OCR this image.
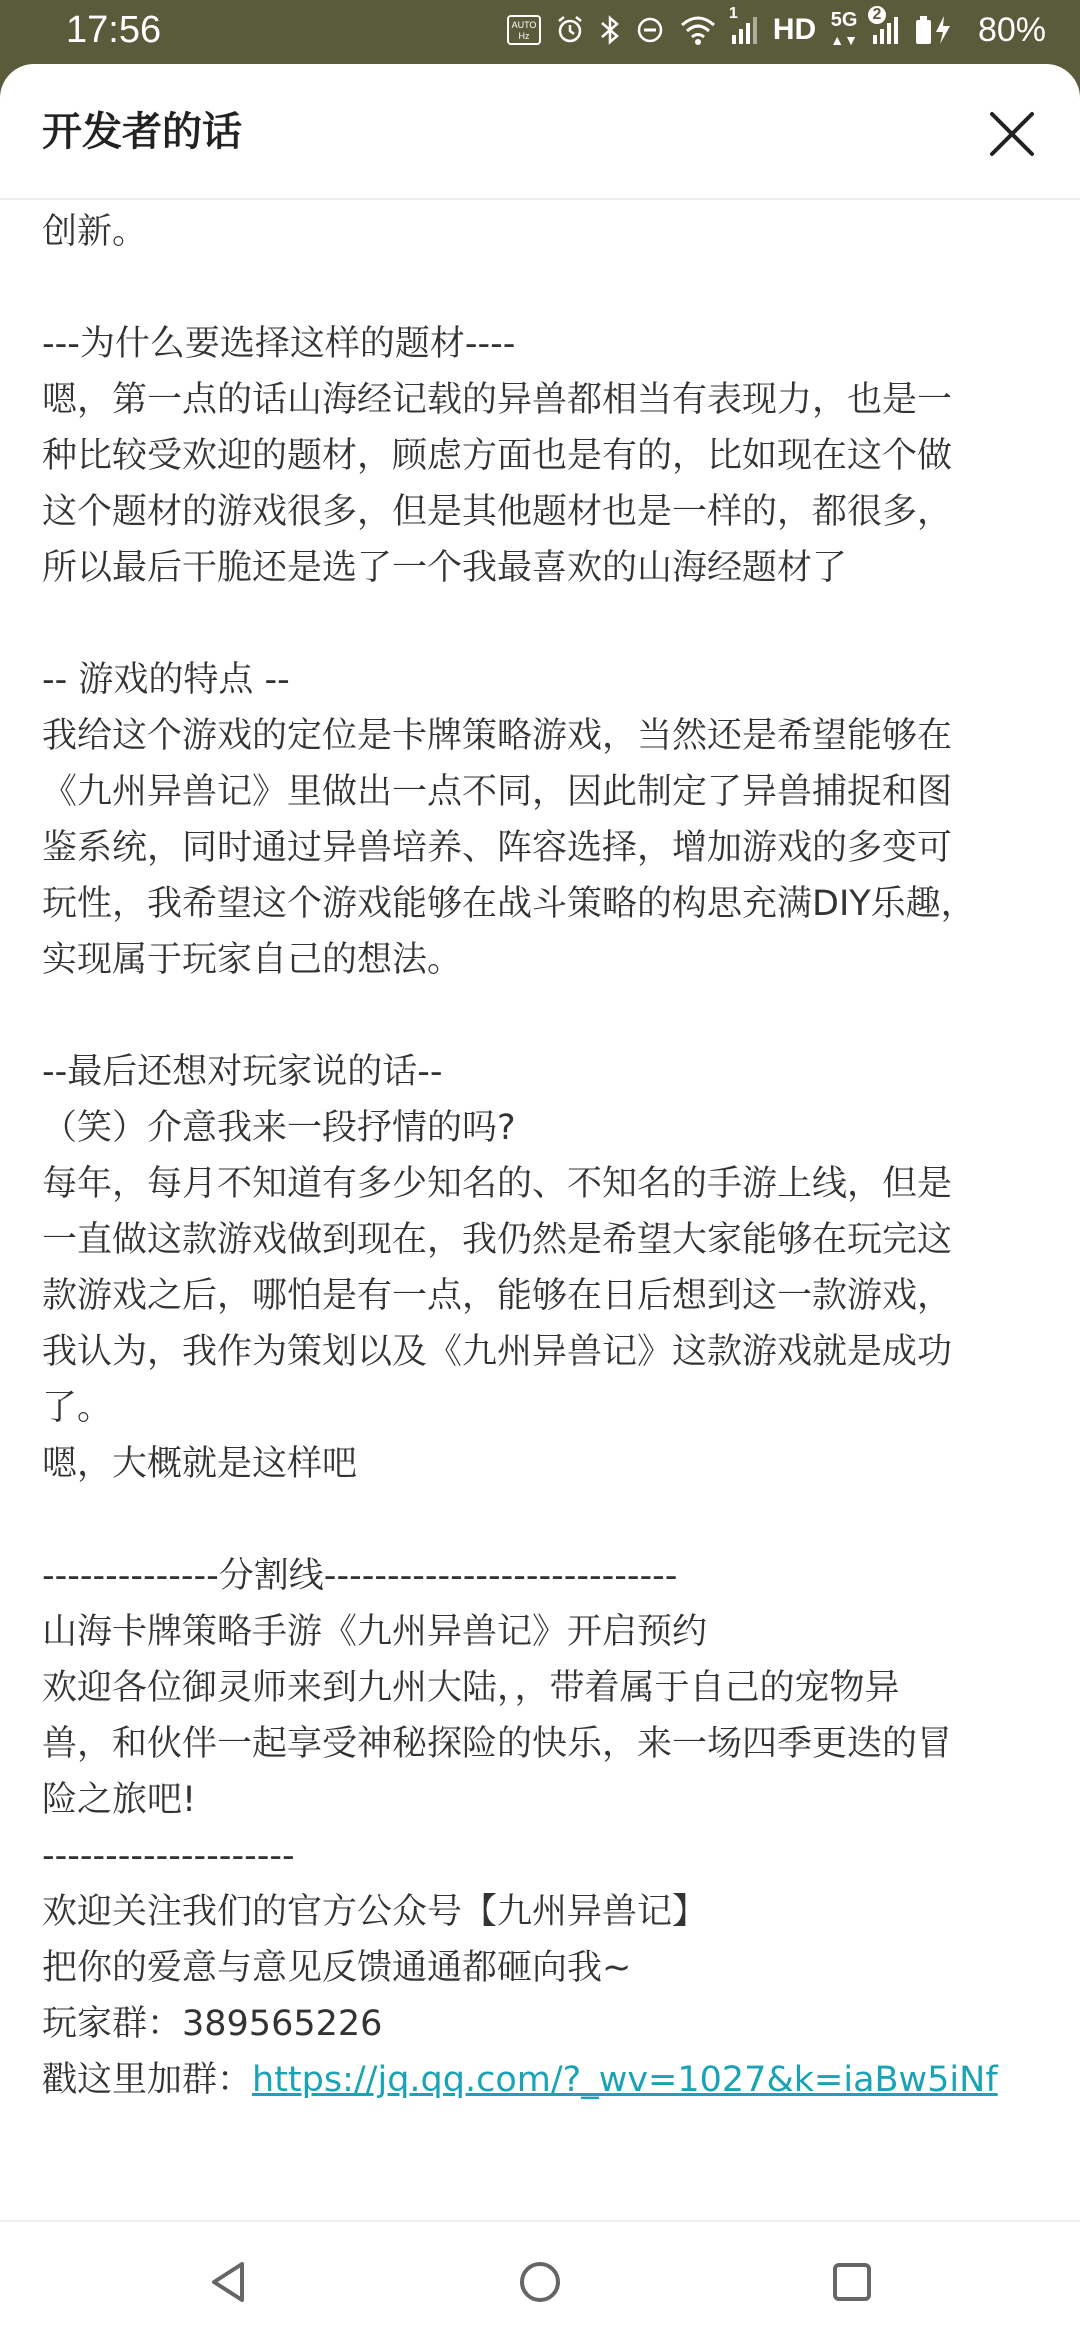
17:56	AUTO
Hz
1 HD 5G
▲▼
2	80%
开发者的话
创新。
---为什么要选择这样的题材----
嗯，第一点的话山海经记载的异兽都相当有表现力，也是一
种比较受欢迎的题材，顾虑方面也是有的，比如现在这个做
这个题材的游戏很多，但是其他题材也是一样的，都很多，
所以最后干脆还是选了一个我最喜欢的山海经题材了
-- 游戏的特点 --
我给这个游戏的定位是卡牌策略游戏，当然还是希望能够在
《九州异兽记》里做出一点不同，因此制定了异兽捕捉和图
鉴系统，同时通过异兽培养、阵容选择，增加游戏的多变可
玩性，我希望这个游戏能够在战斗策略的构思充满DIY乐趣，
实现属于玩家自己的想法。
--最后还想对玩家说的话--
（笑）介意我来一段抒情的吗?
每年，每月不知道有多少知名的、不知名的手游上线，但是
一直做这款游戏做到现在，我仍然是希望大家能够在玩完这
款游戏之后，哪怕是有一点，能够在日后想到这一款游戏，
我认为，我作为策划以及《九州异兽记》这款游戏就是成功
了。
嗯，大概就是这样吧
--------------分割线----------------------------
山海卡牌策略手游《九州异兽记》开启预约
欢迎各位御灵师来到九州大陆，，带着属于自己的宠物异
兽，和伙伴一起享受神秘探险的快乐，来一场四季更迭的冒
险之旅吧!
--------------------
欢迎关注我们的官方公众号【九州异兽记】
把你的爱意与意见反馈通通都砸向我~
玩家群：389565226
戳这里加群：https://jq.qq.com/?_wv=1027&k=iaBw5iNf
